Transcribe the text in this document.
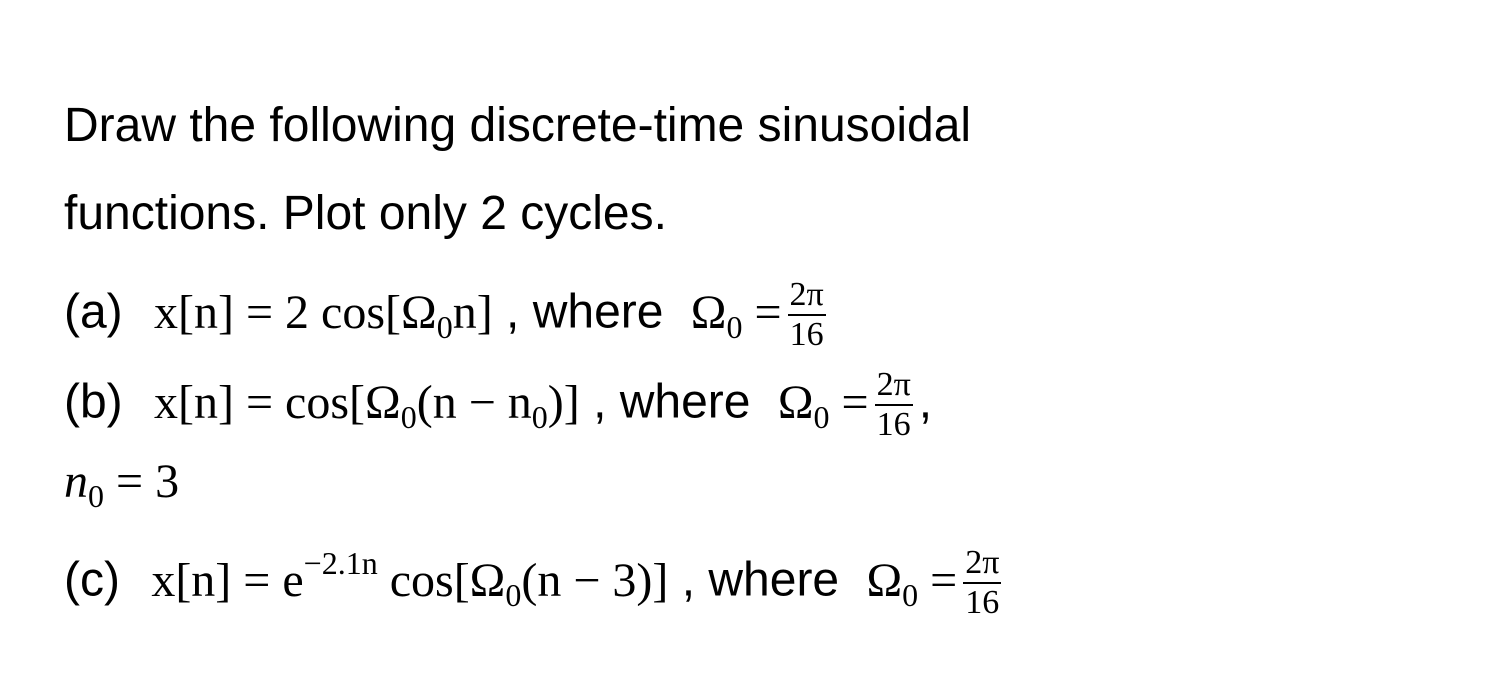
Draw the following discrete-time sinusoidal
functions. Plot only 2 cycles.
(a) x[n] = 2 $\cos[\Omega_0n]$ , where $\Omega_0 = \frac{2\pi}{16}$
(b) $x[n] = \cos[\Omega_0(n - n_0)]$ , where $\Omega_0 = \frac{2\pi}{16}$ ,
$n_0 = 3$
(c) $x[n] = e^{-2.1n}$ $\cos[\Omega_0(n - 3)]$ , where $\Omega_0 = \frac{2\pi}{16}$
